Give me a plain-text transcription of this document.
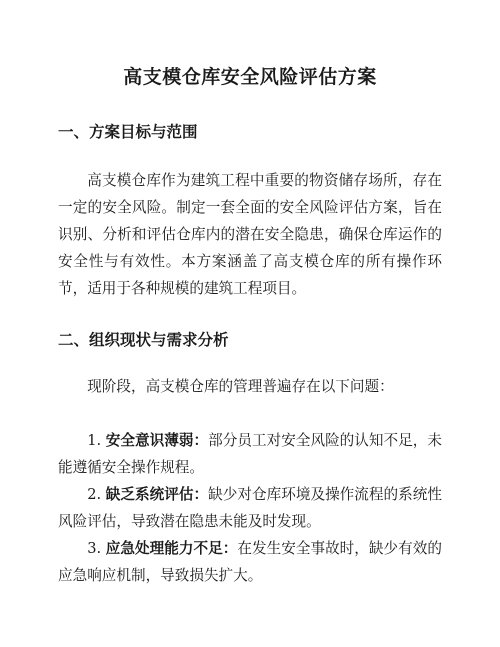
高支模仓库安全风险评估方案
一、方案目标与范围

高支模仓库作为建筑工程中重要的物资储存场所，存在一定的安全风险。制定一套全面的安全风险评估方案，旨在识别、分析和评估仓库内的潜在安全隐患，确保仓库运作的安全性与有效性。本方案涵盖了高支模仓库的所有操作环节，适用于各种规模的建筑工程项目。

二、组织现状与需求分析

现阶段，高支模仓库的管理普遍存在以下问题：

1. 安全意识薄弱：部分员工对安全风险的认知不足，未能遵循安全操作规程。

2. 缺乏系统评估：缺少对仓库环境及操作流程的系统性风险评估，导致潜在隐患未能及时发现。

3. 应急处理能力不足：在发生安全事故时，缺少有效的应急响应机制，导致损失扩大。
